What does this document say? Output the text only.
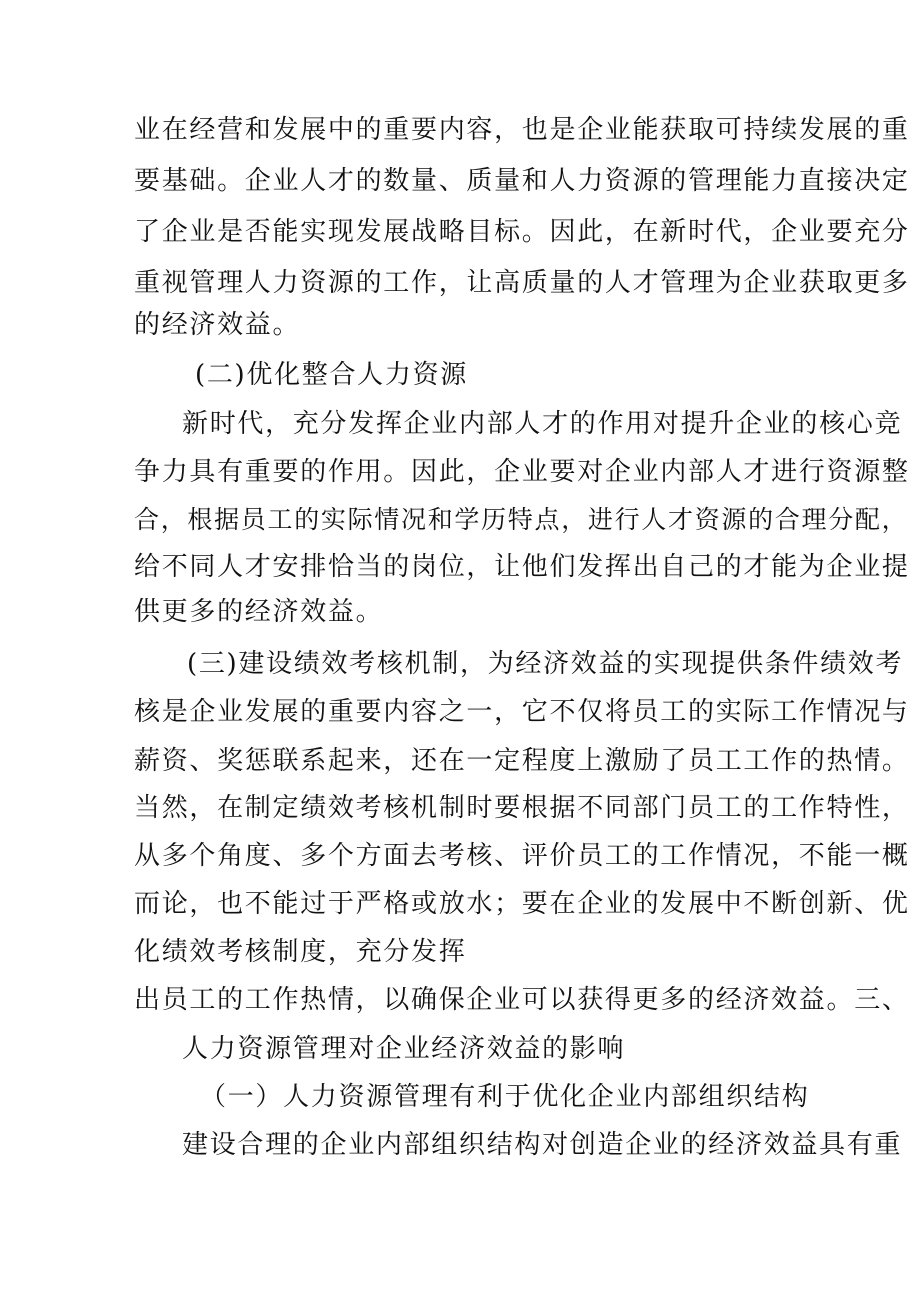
业在经营和发展中的重要内容，也是企业能获取可持续发展的重
要基础。企业人才的数量、质量和人力资源的管理能力直接决定
了企业是否能实现发展战略目标。因此，在新时代，企业要充分
重视管理人力资源的工作，让高质量的人才管理为企业获取更多
的经济效益。
(二)优化整合人力资源
新时代，充分发挥企业内部人才的作用对提升企业的核心竞
争力具有重要的作用。因此，企业要对企业内部人才进行资源整
合，根据员工的实际情况和学历特点，进行人才资源的合理分配，
给不同人才安排恰当的岗位，让他们发挥出自己的才能为企业提
供更多的经济效益。
(三)建设绩效考核机制，为经济效益的实现提供条件绩效考
核是企业发展的重要内容之一，它不仅将员工的实际工作情况与
薪资、奖惩联系起来，还在一定程度上激励了员工工作的热情。
当然，在制定绩效考核机制时要根据不同部门员工的工作特性，
从多个角度、多个方面去考核、评价员工的工作情况，不能一概
而论，也不能过于严格或放水；要在企业的发展中不断创新、优
化绩效考核制度，充分发挥
出员工的工作热情，以确保企业可以获得更多的经济效益。三、
人力资源管理对企业经济效益的影响
（一）人力资源管理有利于优化企业内部组织结构
建设合理的企业内部组织结构对创造企业的经济效益具有重
